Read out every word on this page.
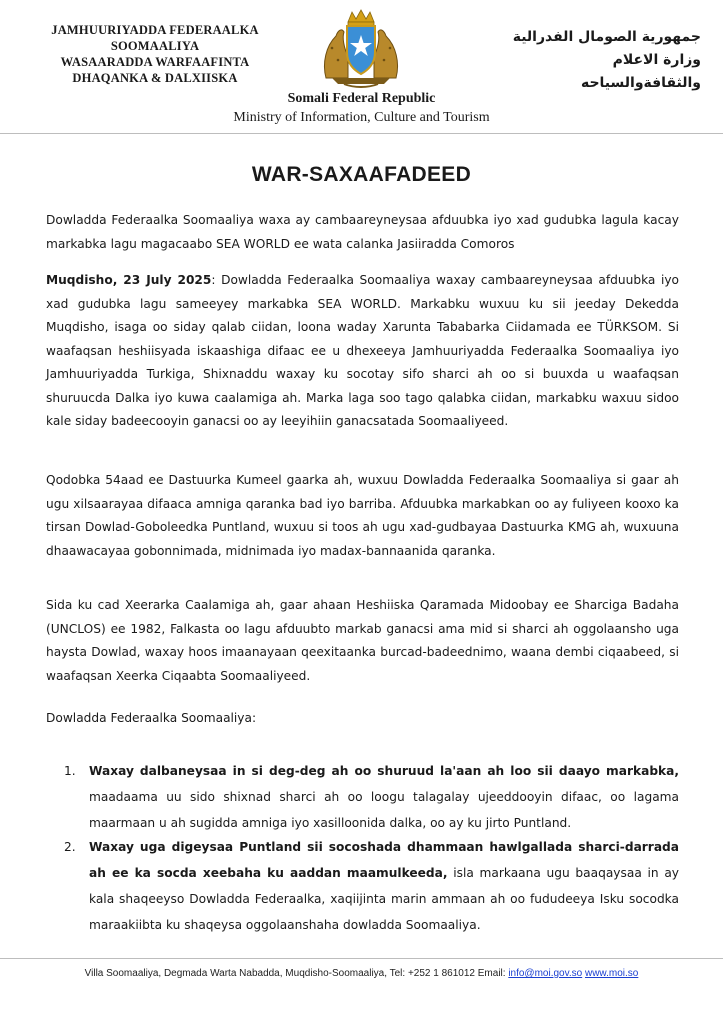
JAMHUURIYADDA FEDERAALKA
SOOMAALIYA
WASAARADDA WARFAAFINTA
DHAQANKA & DALXIISKA
جمهورية الصومال الفدرالية
وزارة الاعلام
والثقافةوالسياحه
Somali Federal Republic
Ministry of Information, Culture and Tourism
WAR-SAXAAFADEED

Dowladda Federaalka Soomaaliya waxa ay cambaareyneysaa afduubka iyo xad gudubka lagula kacay markabka lagu magacaabo SEA WORLD ee wata calanka Jasiiradda Comoros

Muqdisho, 23 July 2025: Dowladda Federaalka Soomaaliya waxay cambaareyneysaa afduubka iyo xad gudubka lagu sameeyey markabka SEA WORLD. Markabku wuxuu ku sii jeeday Dekedda Muqdisho, isaga oo siday qalab ciidan, loona waday Xarunta Tababarka Ciidamada ee TÜRKSOM. Si waafaqsan heshiisyada iskaashiga difaac ee u dhexeeya Jamhuuriyadda Federaalka Soomaaliya iyo Jamhuuriyadda Turkiga, Shixnaddu waxay ku socotay sifo sharci ah oo si buuxda u waafaqsan shuruucda Dalka iyo kuwa caalamiga ah. Marka laga soo tago qalabka ciidan, markabku waxuu sidoo kale siday badeecooyin ganacsi oo ay leeyihiin ganacsatada Soomaaliyeed.

Qodobka 54aad ee Dastuurka Kumeel gaarka ah, wuxuu Dowladda Federaalka Soomaaliya si gaar ah ugu xilsaarayaa difaaca amniga qaranka bad iyo barriba. Afduubka markabkan oo ay fuliyeen kooxo ka tirsan Dowlad-Goboleedka Puntland, wuxuu si toos ah ugu xad-gudbayaa Dastuurka KMG ah, wuxuuna dhaawacayaa gobonnimada, midnimada iyo madax-bannaanida qaranka.

Sida ku cad Xeerarka Caalamiga ah, gaar ahaan Heshiiska Qaramada Midoobay ee Sharciga Badaha (UNCLOS) ee 1982, Falkasta oo lagu afduubto markab ganacsi ama mid si sharci ah oggolaansho uga haysta Dowlad, waxay hoos imaanayaan qeexitaanka burcad-badeednimo, waana dembi ciqaabeed, si waafaqsan Xeerka Ciqaabta Soomaaliyeed.

Dowladda Federaalka Soomaaliya:

1. Waxay dalbaneysaa in si deg-deg ah oo shuruud la'aan ah loo sii daayo markabka, maadaama uu sido shixnad sharci ah oo loogu talagalay ujeeddooyin difaac, oo lagama maarmaan u ah sugidda amniga iyo xasilloonida dalka, oo ay ku jirto Puntland.

2. Waxay uga digeysaa Puntland sii socoshada dhammaan hawlgallada sharci-darrada ah ee ka socda xeebaha ku aaddan maamulkeeda, isla markaana ugu baaqaysaa in ay kala shaqeeyso Dowladda Federaalka, xaqiijinta marin ammaan ah oo fududeeya Isku socodka maraakiibta ku shaqeysa oggolaanshaha dowladda Soomaaliya.

Villa Soomaaliya, Degmada Warta Nabadda, Muqdisho-Soomaaliya, Tel: +252 1 861012 Email: info@moi.gov.so www.moi.so
